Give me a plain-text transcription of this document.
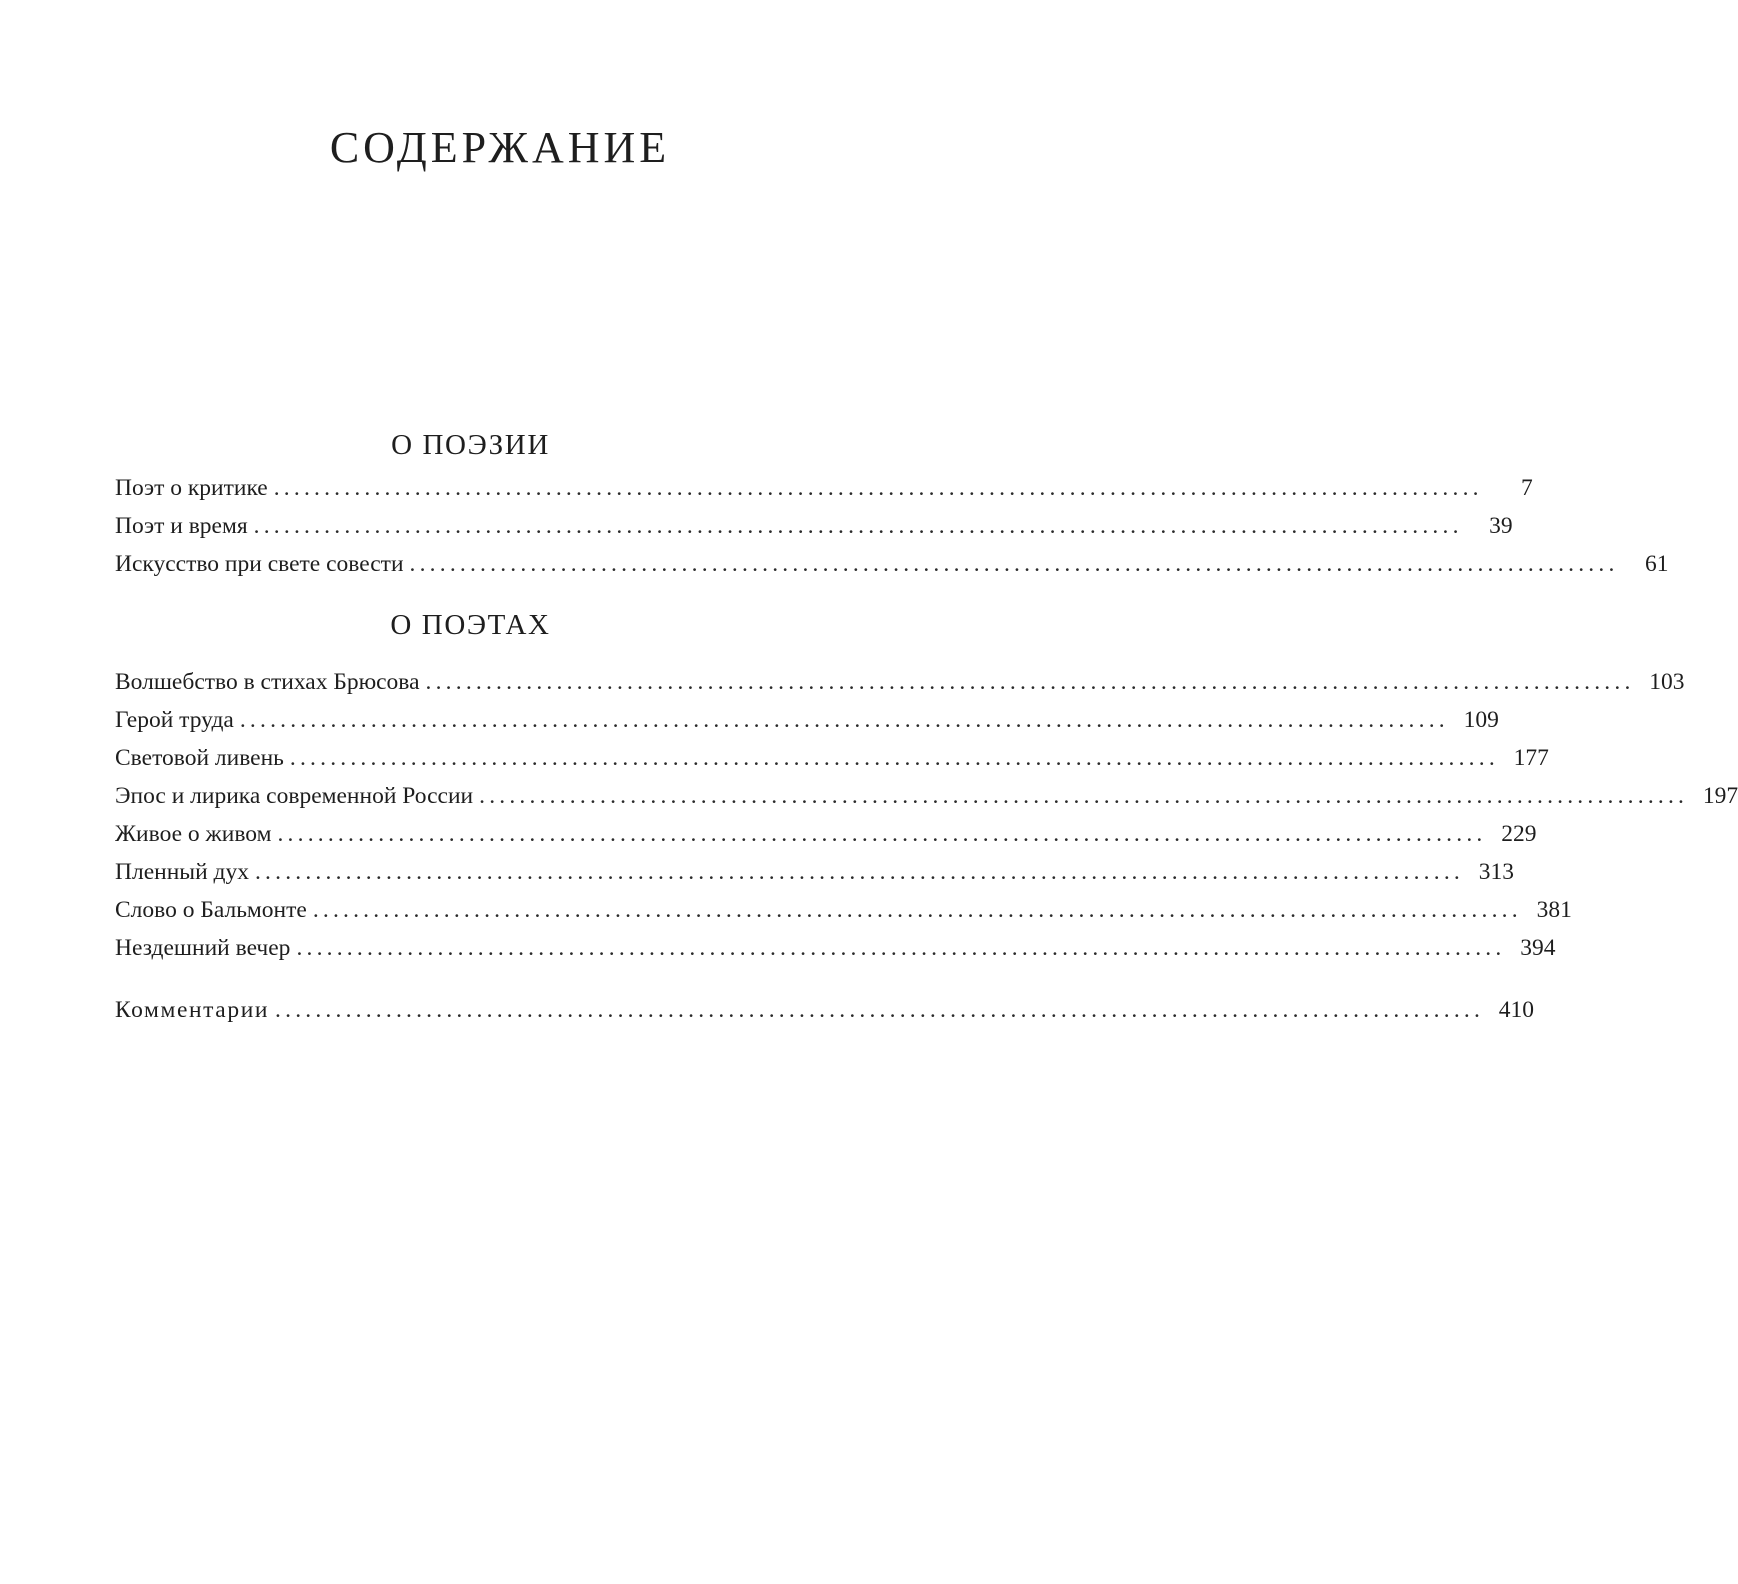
СОДЕРЖАНИЕ
О ПОЭЗИИ
Поэт о критике ........................................................................................................................	7
Поэт и время ........................................................................................................................	39
Искусство при свете совести ........................................................................................................................	61
О ПОЭТАХ
Волшебство в стихах Брюсова ........................................................................................................................ 103
Герой труда ........................................................................................................................ 109
Световой ливень ........................................................................................................................ 177
Эпос и лирика современной России ........................................................................................................................ 197
Живое о живом ........................................................................................................................ 229
Пленный дух ........................................................................................................................ 313
Слово о Бальмонте ........................................................................................................................ 381
Нездешний вечер ........................................................................................................................ 394
Комментарии ........................................................................................................................ 410
